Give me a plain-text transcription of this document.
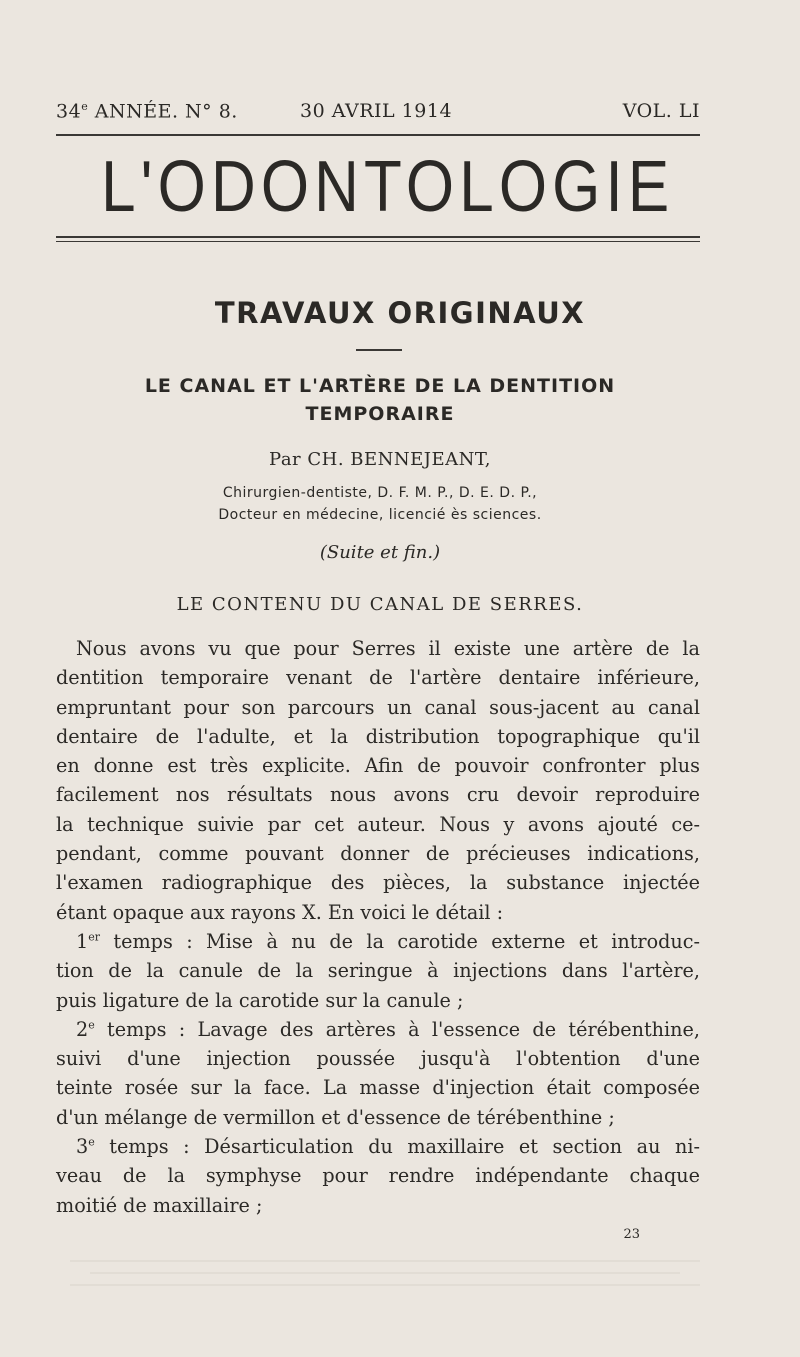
34e ANNÉE. N° 8.	30 AVRIL 1914	VOL. LI
L'ODONTOLOGIE
TRAVAUX ORIGINAUX
LE CANAL ET L'ARTÈRE DE LA DENTITION
TEMPORAIRE
Par CH. BENNEJEANT,
Chirurgien-dentiste, D. F. M. P., D. E. D. P.,
Docteur en médecine, licencié ès sciences.
(Suite et fin.)
LE CONTENU DU CANAL DE SERRES.
Nous avons vu que pour Serres il existe une artère de la
dentition temporaire venant de l'artère dentaire inférieure,
empruntant pour son parcours un canal sous-jacent au canal
dentaire de l'adulte, et la distribution topographique qu'il
en donne est très explicite. Afin de pouvoir confronter plus
facilement nos résultats nous avons cru devoir reproduire
la technique suivie par cet auteur. Nous y avons ajouté ce-
pendant, comme pouvant donner de précieuses indications,
l'examen radiographique des pièces, la substance injectée
étant opaque aux rayons X. En voici le détail :
1er temps : Mise à nu de la carotide externe et introduc-
tion de la canule de la seringue à injections dans l'artère,
puis ligature de la carotide sur la canule ;
2e temps : Lavage des artères à l'essence de térébenthine,
suivi d'une injection poussée jusqu'à l'obtention d'une
teinte rosée sur la face. La masse d'injection était composée
d'un mélange de vermillon et d'essence de térébenthine ;
3e temps : Désarticulation du maxillaire et section au ni-
veau de la symphyse pour rendre indépendante chaque
moitié de maxillaire ;
23
